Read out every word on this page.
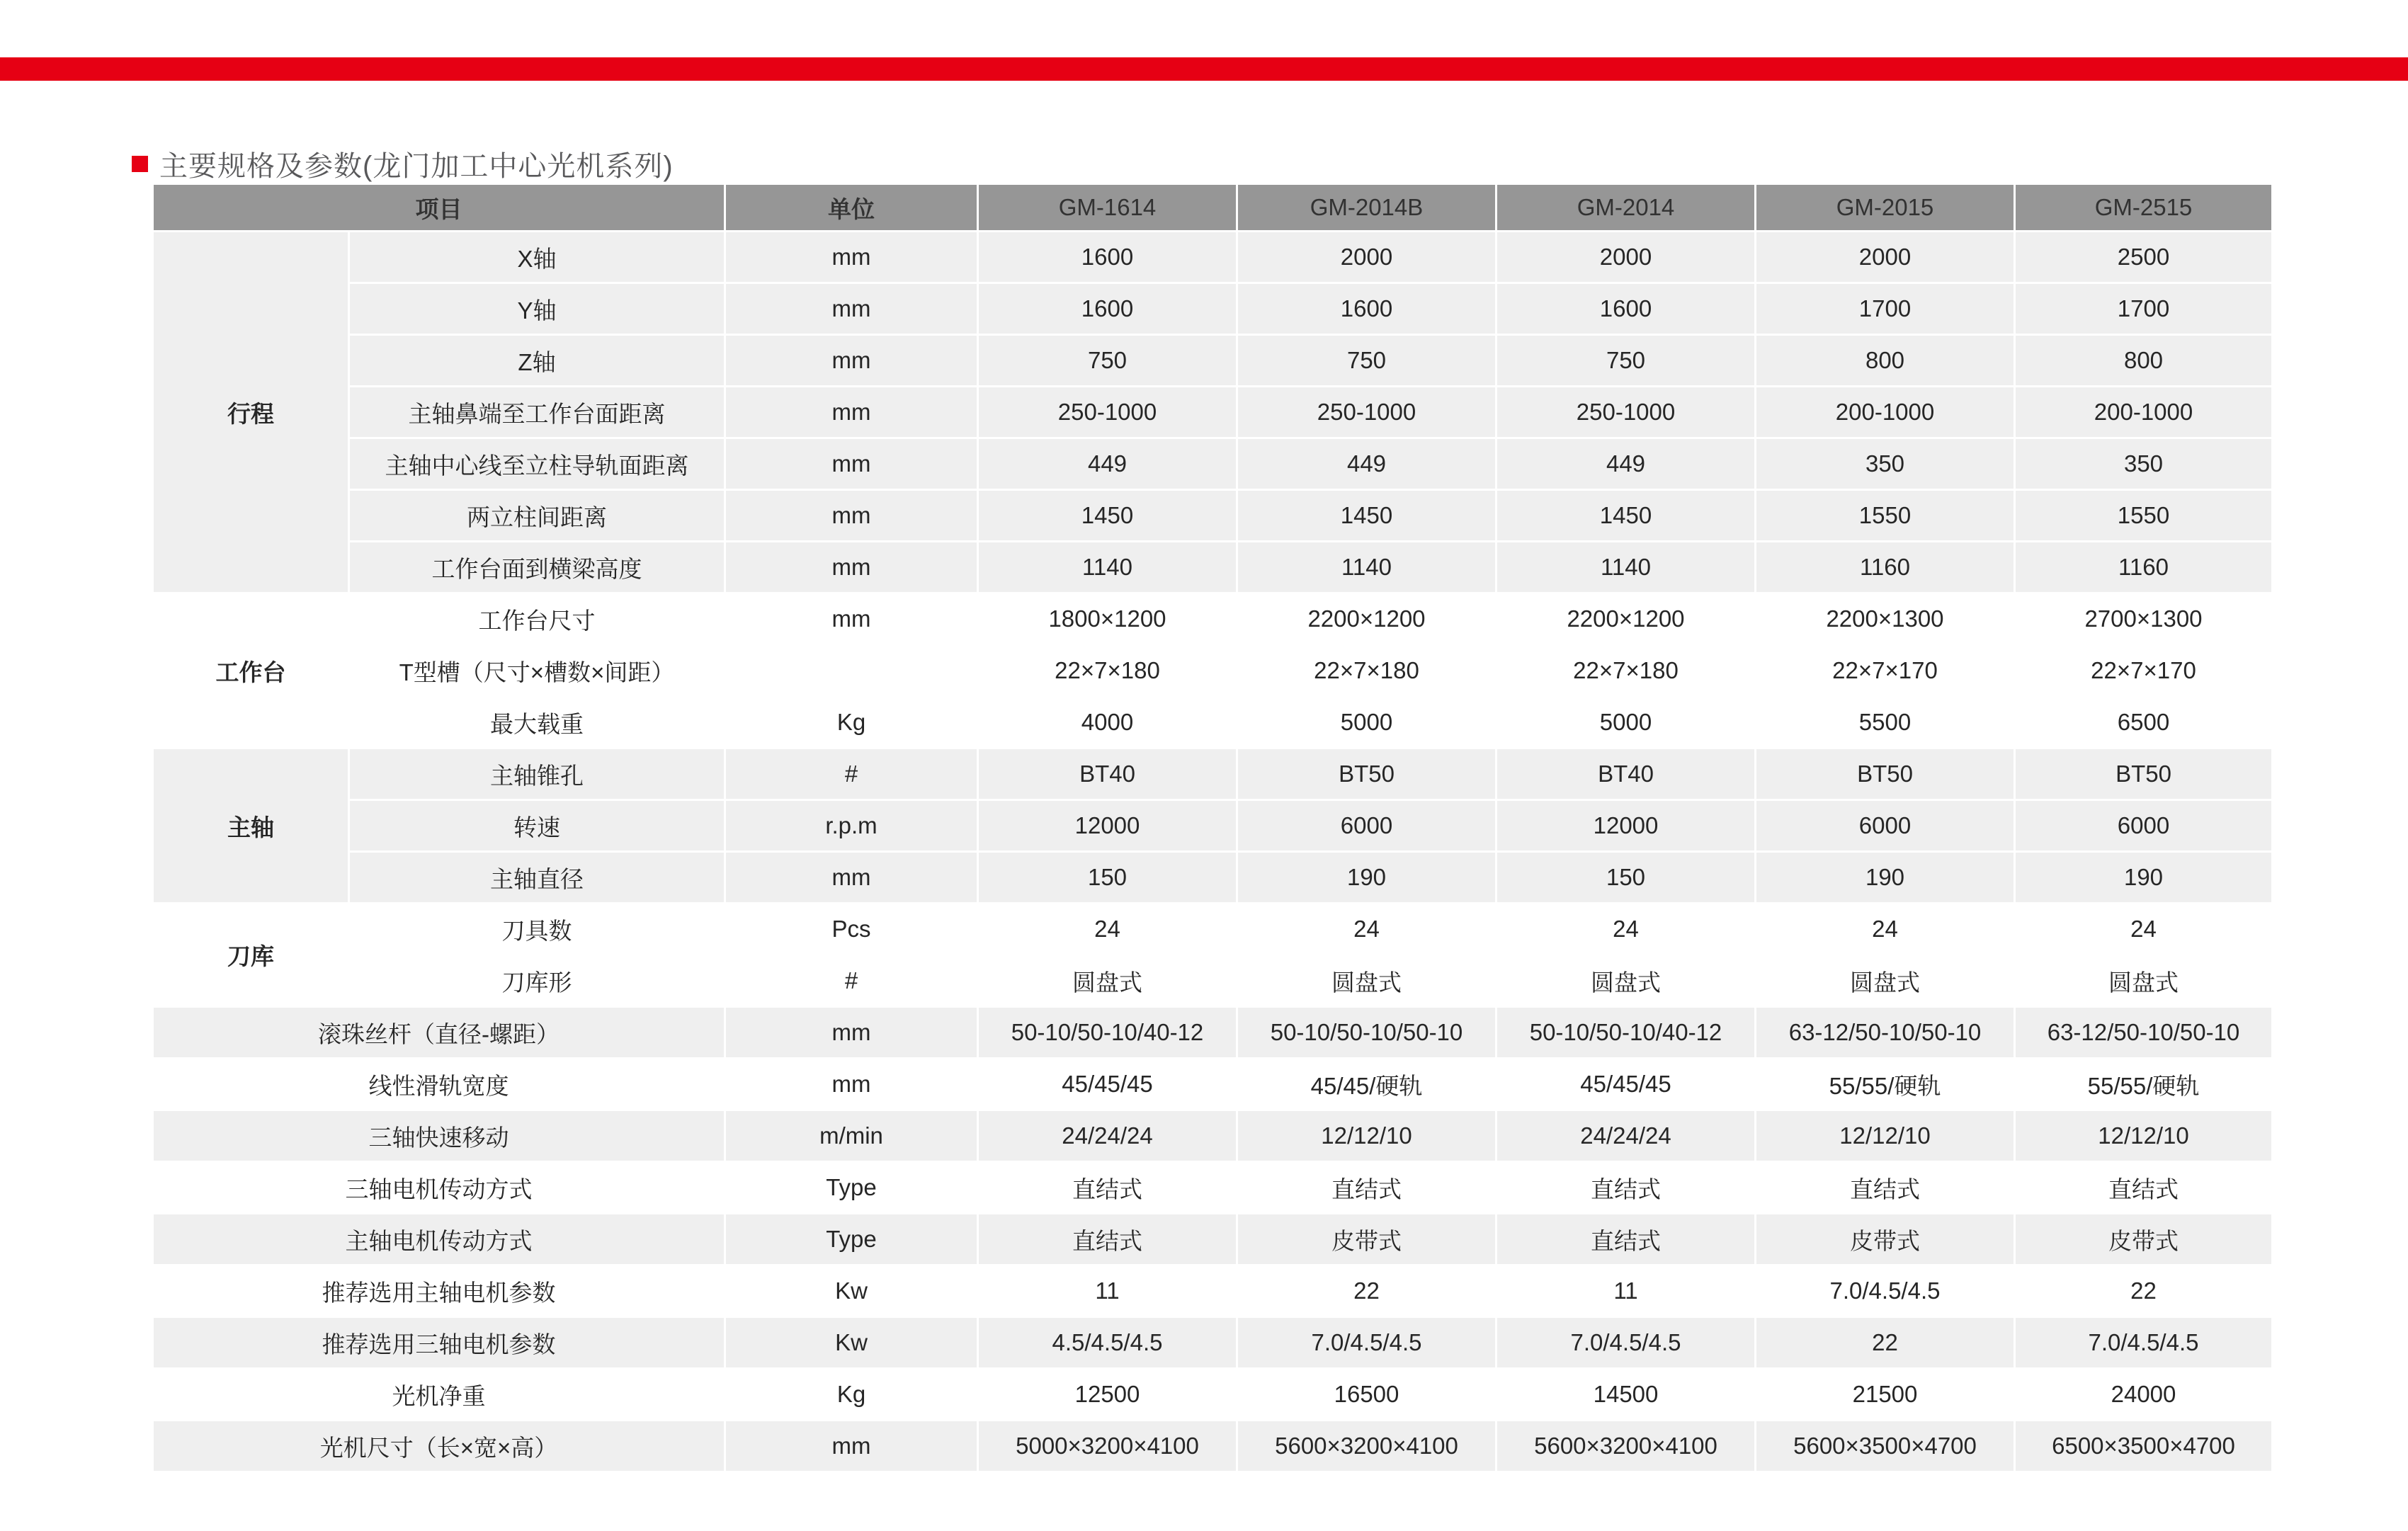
主要规格及参数(龙门加工中心光机系列)
项目		单位	GM-1614	GM-2014B	GM-2014	GM-2015	GM-2515
行程	X轴	mm	1600	2000	2000	2000	2500
	Y轴	mm	1600	1600	1600	1700	1700
	Z轴	mm	750	750	750	800	800
	主轴鼻端至工作台面距离	mm	250-1000	250-1000	250-1000	200-1000	200-1000
	主轴中心线至立柱导轨面距离	mm	449	449	449	350	350
	两立柱间距离	mm	1450	1450	1450	1550	1550
	工作台面到横梁高度	mm	1140	1140	1140	1160	1160
工作台	工作台尺寸	mm	1800×1200	2200×1200	2200×1200	2200×1300	2700×1300
	T型槽（尺寸×槽数×间距）		22×7×180	22×7×180	22×7×180	22×7×170	22×7×170
	最大载重	Kg	4000	5000	5000	5500	6500
主轴	主轴锥孔	#	BT40	BT50	BT40	BT50	BT50
	转速	r.p.m	12000	6000	12000	6000	6000
	主轴直径	mm	150	190	150	190	190
刀库	刀具数	Pcs	24	24	24	24	24
	刀库形	#	圆盘式	圆盘式	圆盘式	圆盘式	圆盘式
滚珠丝杆（直径-螺距）		mm	50-10/50-10/40-12	50-10/50-10/50-10	50-10/50-10/40-12	63-12/50-10/50-10	63-12/50-10/50-10
线性滑轨宽度		mm	45/45/45	45/45/硬轨	45/45/45	55/55/硬轨	55/55/硬轨
三轴快速移动		m/min	24/24/24	12/12/10	24/24/24	12/12/10	12/12/10
三轴电机传动方式		Type	直结式	直结式	直结式	直结式	直结式
主轴电机传动方式		Type	直结式	皮带式	直结式	皮带式	皮带式
推荐选用主轴电机参数		Kw	11	22	11	7.0/4.5/4.5	22
推荐选用三轴电机参数		Kw	4.5/4.5/4.5	7.0/4.5/4.5	7.0/4.5/4.5	22	7.0/4.5/4.5
光机净重		Kg	12500	16500	14500	21500	24000
光机尺寸（长×宽×高）		mm	5000×3200×4100	5600×3200×4100	5600×3200×4100	5600×3500×4700	6500×3500×4700
